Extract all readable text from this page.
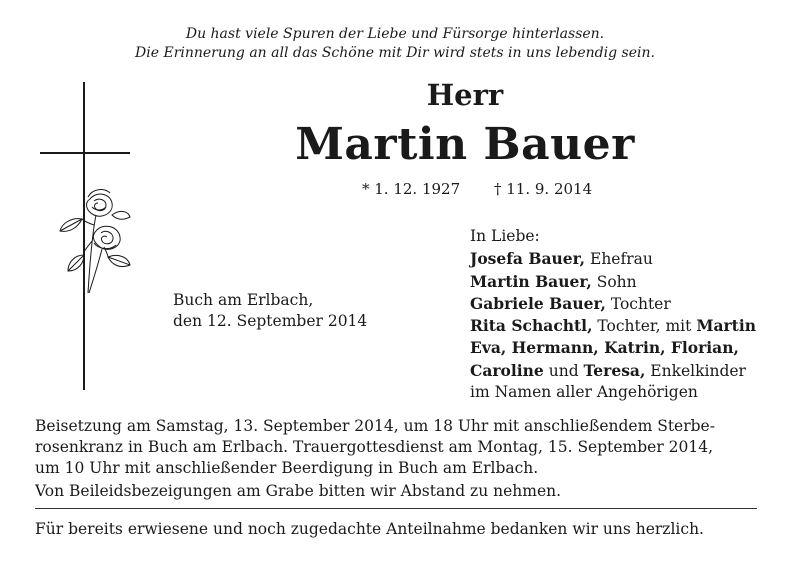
Du hast viele Spuren der Liebe und Fürsorge hinterlassen.
Die Erinnerung an all das Schöne mit Dir wird stets in uns lebendig sein.
Herr
Martin Bauer
* 1. 12. 1927 † 11. 9. 2014
Buch am Erlbach,
den 12. September 2014
In Liebe:
Josefa Bauer, Ehefrau
Martin Bauer, Sohn
Gabriele Bauer, Tochter
Rita Schachtl, Tochter, mit Martin
Eva, Hermann, Katrin, Florian,
Caroline und Teresa, Enkelkinder
im Namen aller Angehörigen
Beisetzung am Samstag, 13. September 2014, um 18 Uhr mit anschließendem Sterbe-
rosenkranz in Buch am Erlbach. Trauergottesdienst am Montag, 15. September 2014,
um 10 Uhr mit anschließender Beerdigung in Buch am Erlbach.
Von Beileidsbezeigungen am Grabe bitten wir Abstand zu nehmen.
Für bereits erwiesene und noch zugedachte Anteilnahme bedanken wir uns herzlich.
